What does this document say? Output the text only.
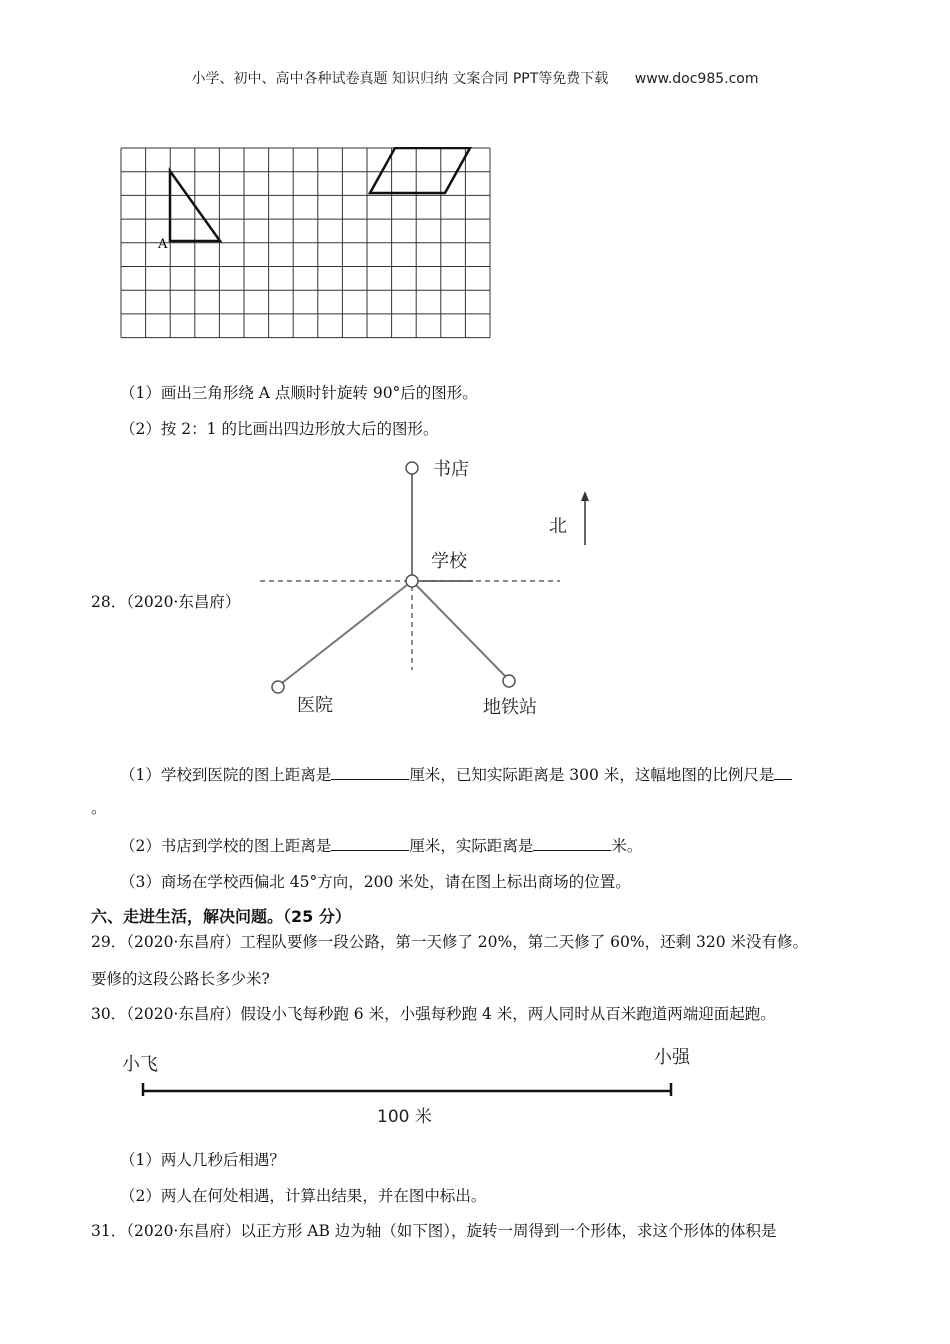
小学、初中、高中各种试卷真题 知识归纳 文案合同 PPT等免费下载 www.doc985.com
A
（1）画出三角形绕 A 点顺时针旋转 90°后的图形。
（2）按 2：1 的比画出四边形放大后的图形。
28．（2020·东昌府）
书店
北
学校
医院	地铁站
（1）学校到医院的图上距离是	厘米，已知实际距离是 300 米，这幅地图的比例尺是
。
（2）书店到学校的图上距离是	厘米，实际距离是	米。
（3）商场在学校西偏北 45°方向，200 米处，请在图上标出商场的位置。
六、走进生活，解决问题。（25 分）
29．（2020·东昌府）工程队要修一段公路，第一天修了 20%，第二天修了 60%，还剩 320 米没有修。
要修的这段公路长多少米?
30．（2020·东昌府）假设小飞每秒跑 6 米，小强每秒跑 4 米，两人同时从百米跑道两端迎面起跑。
小飞	小强
100 米
（1）两人几秒后相遇？
（2）两人在何处相遇，计算出结果，并在图中标出。
31．（2020·东昌府）以正方形 AB 边为轴（如下图），旋转一周得到一个形体，求这个形体的体积是
